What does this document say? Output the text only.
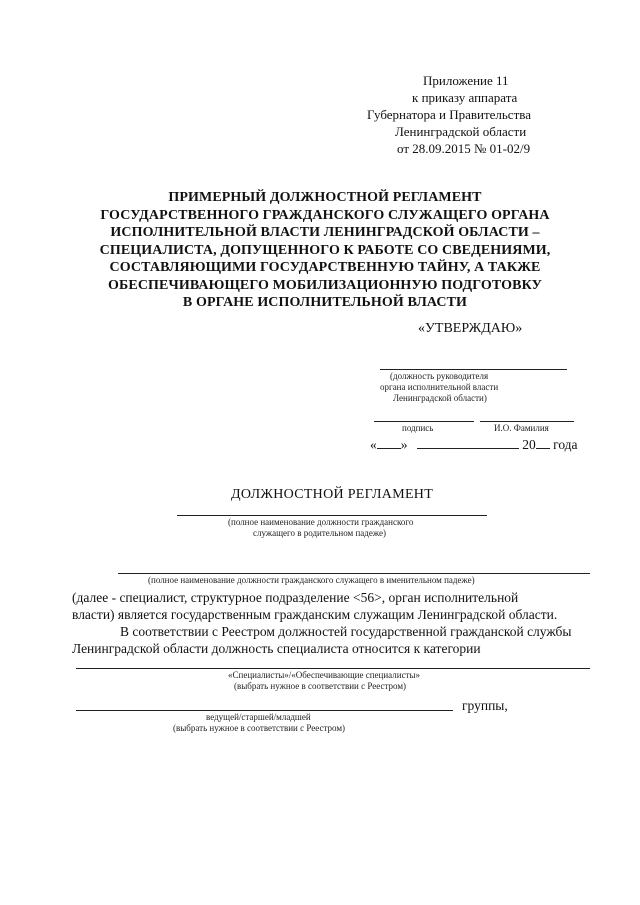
Приложение 11
к приказу аппарата
Губернатора и Правительства
Ленинградской области
от 28.09.2015 № 01-02/9
ПРИМЕРНЫЙ ДОЛЖНОСТНОЙ РЕГЛАМЕНТ
ГОСУДАРСТВЕННОГО ГРАЖДАНСКОГО СЛУЖАЩЕГО ОРГАНА
ИСПОЛНИТЕЛЬНОЙ ВЛАСТИ ЛЕНИНГРАДСКОЙ ОБЛАСТИ –
СПЕЦИАЛИСТА, ДОПУЩЕННОГО К РАБОТЕ СО СВЕДЕНИЯМИ,
СОСТАВЛЯЮЩИМИ ГОСУДАРСТВЕННУЮ ТАЙНУ, А ТАКЖЕ
ОБЕСПЕЧИВАЮЩЕГО МОБИЛИЗАЦИОННУЮ ПОДГОТОВКУ
В ОРГАНЕ ИСПОЛНИТЕЛЬНОЙ ВЛАСТИ
«УТВЕРЖДАЮ»
(должность руководителя
органа исполнительной власти
Ленинградской области)
подпись	И.О. Фамилия
« »	20 года
ДОЛЖНОСТНОЙ РЕГЛАМЕНТ
(полное наименование должности гражданского
служащего в родительном падеже)
(полное наименование должности гражданского служащего в именительном падеже)
(далее - специалист, структурное подразделение <56>, орган исполнительной
власти) является государственным гражданским служащим Ленинградской области.
В соответствии с Реестром должностей государственной гражданской службы
Ленинградской области должность специалиста относится к категории
«Специалисты»/«Обеспечивающие специалисты»
(выбрать нужное в соответствии с Реестром)
группы,
ведущей/старшей/младшей
(выбрать нужное в соответствии с Реестром)
